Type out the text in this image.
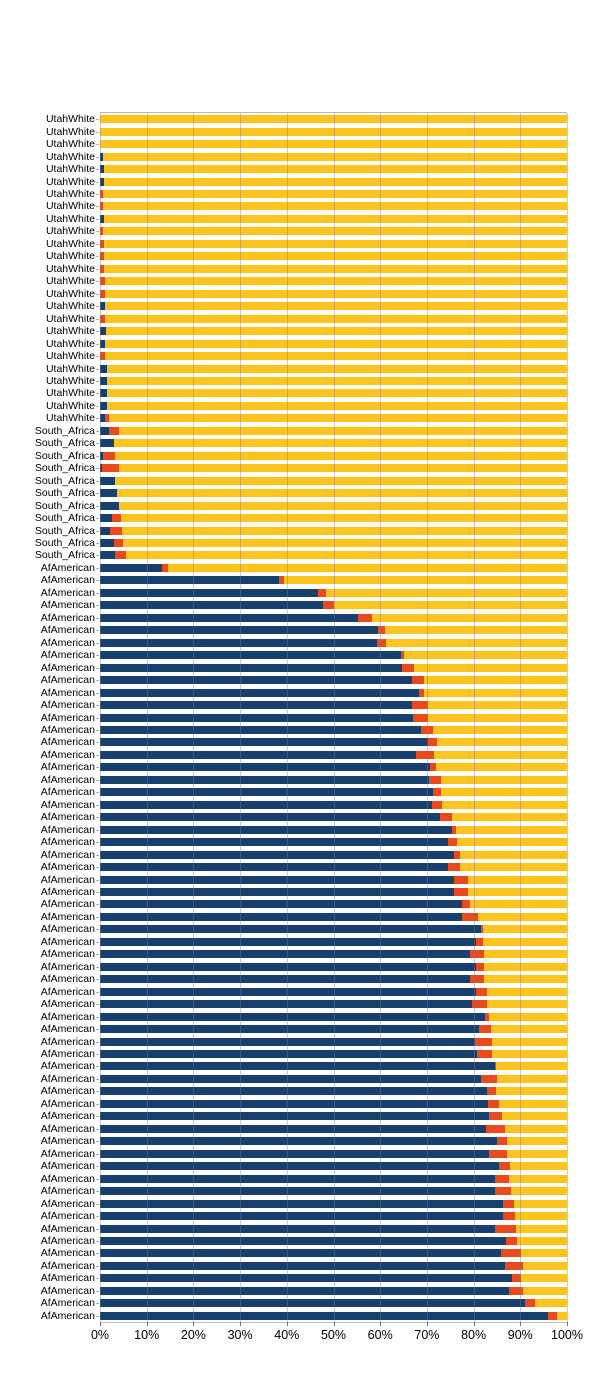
UtahWhite
UtahWhite
UtahWhite
UtahWhite
UtahWhite
UtahWhite
UtahWhite
UtahWhite
UtahWhite
UtahWhite
UtahWhite
UtahWhite
UtahWhite
UtahWhite
UtahWhite
UtahWhite
UtahWhite
UtahWhite
UtahWhite
UtahWhite
UtahWhite
UtahWhite
UtahWhite
UtahWhite
UtahWhite
South_Africa
South_Africa
South_Africa
South_Africa
South_Africa
South_Africa
South_Africa
South_Africa
South_Africa
South_Africa
South_Africa
AfAmerican
AfAmerican
AfAmerican
AfAmerican
AfAmerican
AfAmerican
AfAmerican
AfAmerican
AfAmerican
AfAmerican
AfAmerican
AfAmerican
AfAmerican
AfAmerican
AfAmerican
AfAmerican
AfAmerican
AfAmerican
AfAmerican
AfAmerican
AfAmerican
AfAmerican
AfAmerican
AfAmerican
AfAmerican
AfAmerican
AfAmerican
AfAmerican
AfAmerican
AfAmerican
AfAmerican
AfAmerican
AfAmerican
AfAmerican
AfAmerican
AfAmerican
AfAmerican
AfAmerican
AfAmerican
AfAmerican
AfAmerican
AfAmerican
AfAmerican
AfAmerican
AfAmerican
AfAmerican
AfAmerican
AfAmerican
AfAmerican
AfAmerican
AfAmerican
AfAmerican
AfAmerican
AfAmerican
AfAmerican
AfAmerican
AfAmerican
AfAmerican
AfAmerican
AfAmerican
AfAmerican
0%	10%	20%	30%	40%	50%	60%	70%	80%	90%	100%
